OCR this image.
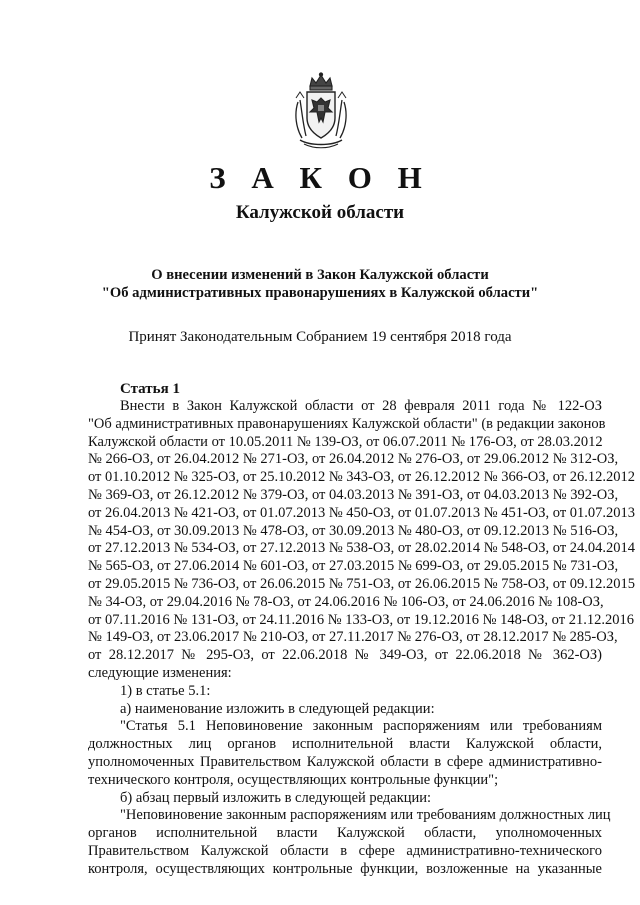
З А К О Н
Калужской области
О внесении изменений в Закон Калужской области
"Об административных правонарушениях в Калужской области"
Принят Законодательным Собранием 19 сентября 2018 года
Статья 1
Внести в Закон Калужской области от 28 февраля 2011 года № 122-ОЗ
"Об административных правонарушениях Калужской области" (в редакции законов
Калужской области от 10.05.2011 № 139-ОЗ, от 06.07.2011 № 176-ОЗ, от 28.03.2012
№ 266-ОЗ, от 26.04.2012 № 271-ОЗ, от 26.04.2012 № 276-ОЗ, от 29.06.2012 № 312-ОЗ,
от 01.10.2012 № 325-ОЗ, от 25.10.2012 № 343-ОЗ, от 26.12.2012 № 366-ОЗ, от 26.12.2012
№ 369-ОЗ, от 26.12.2012 № 379-ОЗ, от 04.03.2013 № 391-ОЗ, от 04.03.2013 № 392-ОЗ,
от 26.04.2013 № 421-ОЗ, от 01.07.2013 № 450-ОЗ, от 01.07.2013 № 451-ОЗ, от 01.07.2013
№ 454-ОЗ, от 30.09.2013 № 478-ОЗ, от 30.09.2013 № 480-ОЗ, от 09.12.2013 № 516-ОЗ,
от 27.12.2013 № 534-ОЗ, от 27.12.2013 № 538-ОЗ, от 28.02.2014 № 548-ОЗ, от 24.04.2014
№ 565-ОЗ, от 27.06.2014 № 601-ОЗ, от 27.03.2015 № 699-ОЗ, от 29.05.2015 № 731-ОЗ,
от 29.05.2015 № 736-ОЗ, от 26.06.2015 № 751-ОЗ, от 26.06.2015 № 758-ОЗ, от 09.12.2015
№ 34-ОЗ, от 29.04.2016 № 78-ОЗ, от 24.06.2016 № 106-ОЗ, от 24.06.2016 № 108-ОЗ,
от 07.11.2016 № 131-ОЗ, от 24.11.2016 № 133-ОЗ, от 19.12.2016 № 148-ОЗ, от 21.12.2016
№ 149-ОЗ, от 23.06.2017 № 210-ОЗ, от 27.11.2017 № 276-ОЗ, от 28.12.2017 № 285-ОЗ,
от 28.12.2017 № 295-ОЗ, от 22.06.2018 № 349-ОЗ, от 22.06.2018 № 362-ОЗ)
следующие изменения:
1) в статье 5.1:
а) наименование изложить в следующей редакции:
"Статья 5.1 Неповиновение законным распоряжениям или требованиям
должностных лиц органов исполнительной власти Калужской области,
уполномоченных Правительством Калужской области в сфере административно-
технического контроля, осуществляющих контрольные функции";
б) абзац первый изложить в следующей редакции:
"Неповиновение законным распоряжениям или требованиям должностных лиц
органов исполнительной власти Калужской области, уполномоченных
Правительством Калужской области в сфере административно-технического
контроля, осуществляющих контрольные функции, возложенные на указанные
